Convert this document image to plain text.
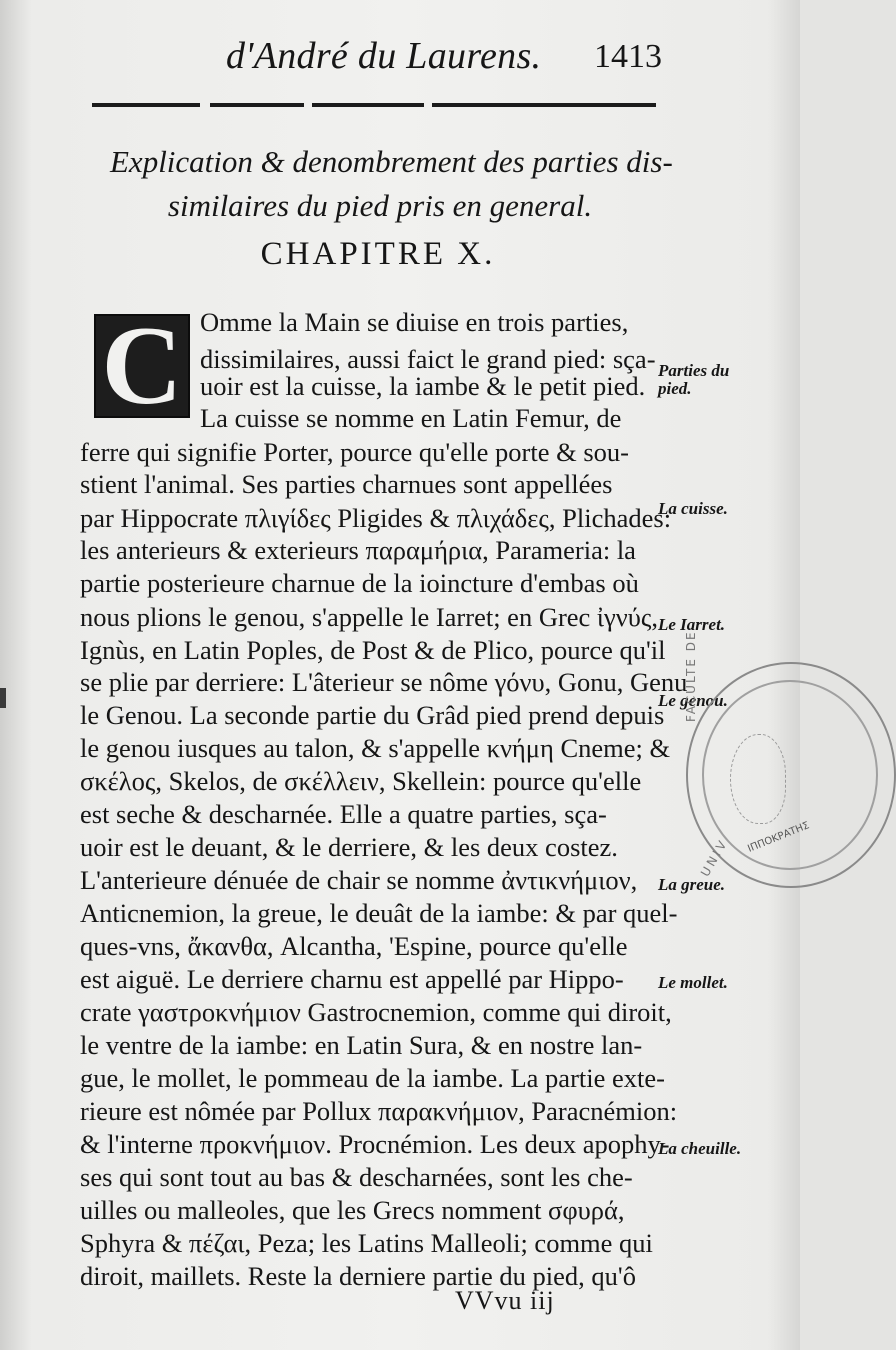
d'André du Laurens. 1413
Explication & denombrement des parties dis-
similaires du pied pris en general.
CHAPITRE X.
C Omme la Main se diuise en trois parties,
dissimilaires, aussi faict le grand pied: sça-
uoir est la cuisse, la iambe & le petit pied.
La cuisse se nomme en Latin Femur, de
ferre qui signifie Porter, pource qu'elle porte & sou-
stient l'animal. Ses parties charnues sont appellées
par Hippocrate πλιγίδες Pligides & πλιχάδες, Plichades:
les anterieurs & exterieurs παραμήρια, Parameria: la
partie posterieure charnue de la ioincture d'embas où
nous plions le genou, s'appelle le Iarret; en Grec ἰγνύς,
Ignùs, en Latin Poples, de Post & de Plico, pource qu'il
se plie par derriere: L'âterieur se nôme γόνυ, Gonu, Genu
le Genou. La seconde partie du Grâd pied prend depuis
le genou iusques au talon, & s'appelle κνήμη Cneme; &
σκέλος, Skelos, de σκέλλειν, Skellein: pource qu'elle
est seche & descharnée. Elle a quatre parties, sça-
uoir est le deuant, & le derriere, & les deux costez.
L'anterieure dénuée de chair se nomme ἀντικνήμιον,
Anticnemion, la greue, le deuât de la iambe: & par quel-
ques-vns, ἄκανθα, Alcantha, 'Espine, pource qu'elle
est aiguë. Le derriere charnu est appellé par Hippo-
crate γαστροκνήμιον Gastrocnemion, comme qui diroit,
le ventre de la iambe: en Latin Sura, & en nostre lan-
gue, le mollet, le pommeau de la iambe. La partie exte-
rieure est nômée par Pollux παρακνήμιον, Paracnémion:
& l'interne προκνήμιον. Procnémion. Les deux apophy-
ses qui sont tout au bas & descharnées, sont les che-
uilles ou malleoles, que les Grecs nomment σφυρά,
Sphyra & πέζαι, Peza; les Latins Malleoli; comme qui
diroit, maillets. Reste la derniere partie du pied, qu'ô
Parties du pied.
La cuisse.
Le Iarret.
Le genou.
La greue.
Le mollet.
La cheuille.
FACULTE DE
UNIV ΙΠΠΟΚΡΑΤΗΣ
VVvu iij
